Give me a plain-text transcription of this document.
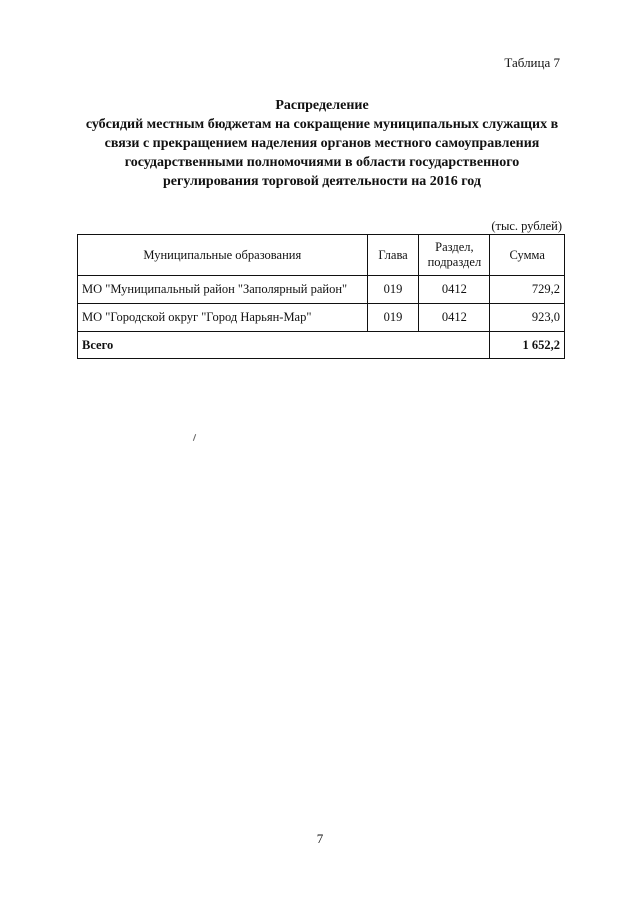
Таблица 7
Распределение
субсидий местным бюджетам на сокращение муниципальных служащих в
связи с прекращением наделения органов местного самоуправления
государственными полномочиями в области государственного
регулирования торговой деятельности на 2016 год
(тыс. рублей)
Муниципальные образования	Глава	Раздел, подраздел	Сумма
МО "Муниципальный район "Заполярный район"	019	0412	729,2
МО "Городской округ "Город Нарьян-Мар"	019	0412	923,0
Всего			1 652,2
7
